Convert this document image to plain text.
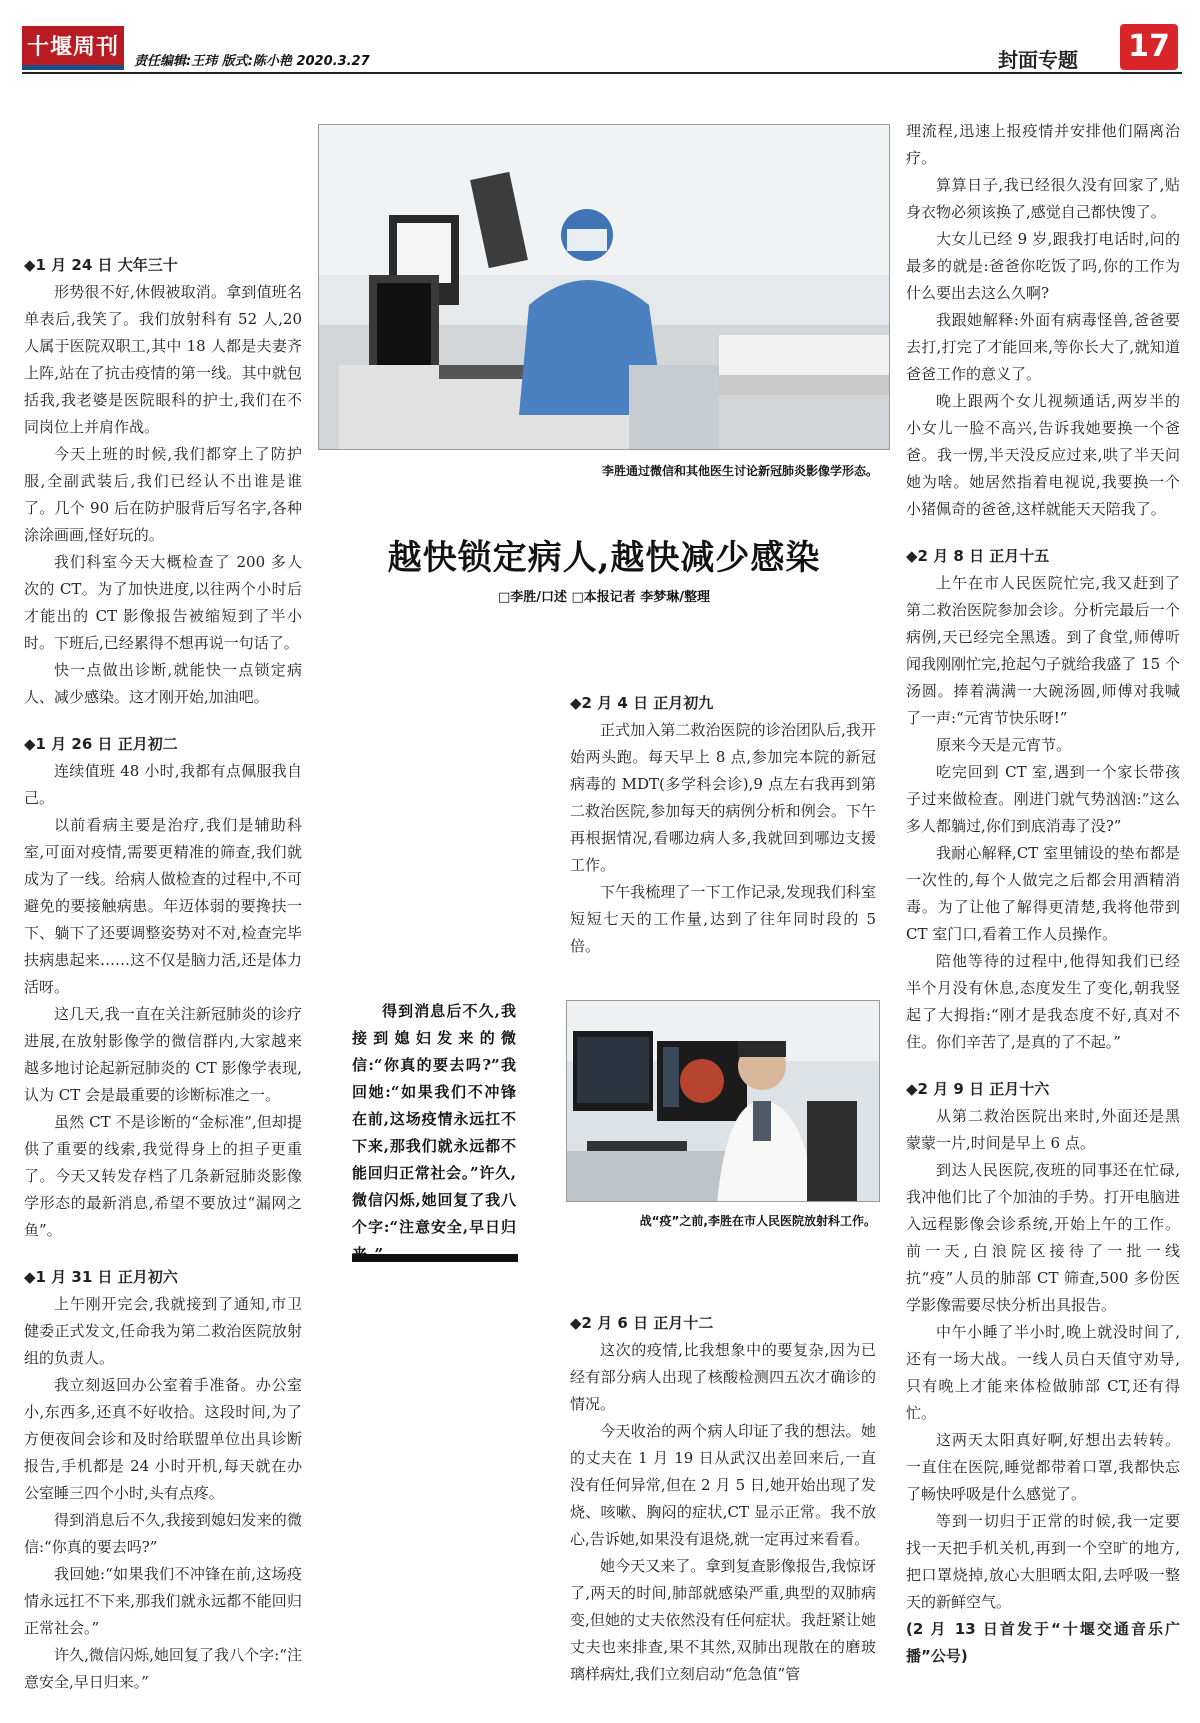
十堰周刊
责任编辑:王玮 版式:陈小艳 2020.3.27	封面专题 17
◆1 月 24 日 大年三十

形势很不好,休假被取消。拿到值班名单表后,我笑了。我们放射科有 52 人,20 人属于医院双职工,其中 18 人都是夫妻齐上阵,站在了抗击疫情的第一线。其中就包括我,我老婆是医院眼科的护士,我们在不同岗位上并肩作战。

今天上班的时候,我们都穿上了防护服,全副武装后,我们已经认不出谁是谁了。几个 90 后在防护服背后写名字,各种涂涂画画,怪好玩的。

我们科室今天大概检查了 200 多人次的 CT。为了加快进度,以往两个小时后才能出的 CT 影像报告被缩短到了半小时。下班后,已经累得不想再说一句话了。

快一点做出诊断,就能快一点锁定病人、减少感染。这才刚开始,加油吧。

◆1 月 26 日 正月初二

连续值班 48 小时,我都有点佩服我自己。

以前看病主要是治疗,我们是辅助科室,可面对疫情,需要更精准的筛查,我们就成为了一线。给病人做检查的过程中,不可避免的要接触病患。年迈体弱的要搀扶一下、躺下了还要调整姿势对不对,检查完毕扶病患起来……这不仅是脑力活,还是体力活呀。

这几天,我一直在关注新冠肺炎的诊疗进展,在放射影像学的微信群内,大家越来越多地讨论起新冠肺炎的 CT 影像学表现,认为 CT 会是最重要的诊断标准之一。

虽然 CT 不是诊断的“金标准”,但却提供了重要的线索,我觉得身上的担子更重了。今天又转发存档了几条新冠肺炎影像学形态的最新消息,希望不要放过“漏网之鱼”。

◆1 月 31 日 正月初六

上午刚开完会,我就接到了通知,市卫健委正式发文,任命我为第二救治医院放射组的负责人。

我立刻返回办公室着手准备。办公室小,东西多,还真不好收拾。这段时间,为了方便夜间会诊和及时给联盟单位出具诊断报告,手机都是 24 小时开机,每天就在办公室睡三四个小时,头有点疼。

得到消息后不久,我接到媳妇发来的微信:“你真的要去吗?”

我回她:“如果我们不冲锋在前,这场疫情永远扛不下来,那我们就永远都不能回归正常社会。”

许久,微信闪烁,她回复了我八个字:“注意安全,早日归来。”

李胜通过微信和其他医生讨论新冠肺炎影像学形态。
越快锁定病人,越快减少感染
□李胜/口述 □本报记者 李梦琳/整理
◆2 月 4 日 正月初九

正式加入第二救治医院的诊治团队后,我开始两头跑。每天早上 8 点,参加完本院的新冠病毒的 MDT(多学科会诊),9 点左右我再到第二救治医院,参加每天的病例分析和例会。下午再根据情况,看哪边病人多,我就回到哪边支援工作。

下午我梳理了一下工作记录,发现我们科室短短七天的工作量,达到了往年同时段的 5 倍。

得到消息后不久,我接到媳妇发来的微信:“你真的要去吗?”我回她:“如果我们不冲锋在前,这场疫情永远扛不下来,那我们就永远都不能回归正常社会。”许久,微信闪烁,她回复了我八个字:“注意安全,早日归	战“疫”之前,李胜在市人民医院放射科工作。
◆2 月 6 日 正月十二

这次的疫情,比我想象中的要复杂,因为已经有部分病人出现了核酸检测四五次才确诊的情况。

今天收治的两个病人印证了我的想法。她的丈夫在 1 月 19 日从武汉出差回来后,一直没有任何异常,但在 2 月 5 日,她开始出现了发烧、咳嗽、胸闷的症状,CT 显示正常。我不放心,告诉她,如果没有退烧,就一定再过来看看。

她今天又来了。拿到复查影像报告,我惊讶了,两天的时间,肺部就感染严重,典型的双肺病变,但她的丈夫依然没有任何症状。我赶紧让她丈夫也来排查,果不其然,双肺出现散在的磨玻璃样病灶,我们立刻启动“危急值”管

理流程,迅速上报疫情并安排他们隔离治疗。

算算日子,我已经很久没有回家了,贴身衣物必须该换了,感觉自己都快馊了。

大女儿已经 9 岁,跟我打电话时,问的最多的就是:爸爸你吃饭了吗,你的工作为什么要出去这么久啊?

我跟她解释:外面有病毒怪兽,爸爸要去打,打完了才能回来,等你长大了,就知道爸爸工作的意义了。

晚上跟两个女儿视频通话,两岁半的小女儿一脸不高兴,告诉我她要换一个爸爸。我一愣,半天没反应过来,哄了半天问她为啥。她居然指着电视说,我要换一个小猪佩奇的爸爸,这样就能天天陪我了。

◆2 月 8 日 正月十五

上午在市人民医院忙完,我又赶到了第二救治医院参加会诊。分析完最后一个病例,天已经完全黑透。到了食堂,师傅听闻我刚刚忙完,抢起勺子就给我盛了 15 个汤圆。捧着满满一大碗汤圆,师傅对我喊了一声:“元宵节快乐呀!”

原来今天是元宵节。

吃完回到 CT 室,遇到一个家长带孩子过来做检查。刚进门就气势汹汹:“这么多人都躺过,你们到底消毒了没?”

我耐心解释,CT 室里铺设的垫布都是一次性的,每个人做完之后都会用酒精消毒。为了让他了解得更清楚,我将他带到 CT 室门口,看着工作人员操作。

陪他等待的过程中,他得知我们已经半个月没有休息,态度发生了变化,朝我竖起了大拇指:“刚才是我态度不好,真对不住。你们辛苦了,是真的了不起。”

◆2 月 9 日 正月十六

从第二救治医院出来时,外面还是黑蒙蒙一片,时间是早上 6 点。

到达人民医院,夜班的同事还在忙碌,我冲他们比了个加油的手势。打开电脑进入远程影像会诊系统,开始上午的工作。前一天,白浪院区接待了一批一线抗“疫”人员的肺部 CT 筛查,500 多份医学影像需要尽快分析出具报告。

中午小睡了半小时,晚上就没时间了,还有一场大战。一线人员白天值守劝导,只有晚上才能来体检做肺部 CT,还有得忙。

这两天太阳真好啊,好想出去转转。一直住在医院,睡觉都带着口罩,我都快忘了畅快呼吸是什么感觉了。

等到一切归于正常的时候,我一定要找一天把手机关机,再到一个空旷的地方,把口罩烧掉,放心大胆晒太阳,去呼吸一整天的新鲜空气。

(2 月 13 日首发于“十堰交通音乐广播”公号)
